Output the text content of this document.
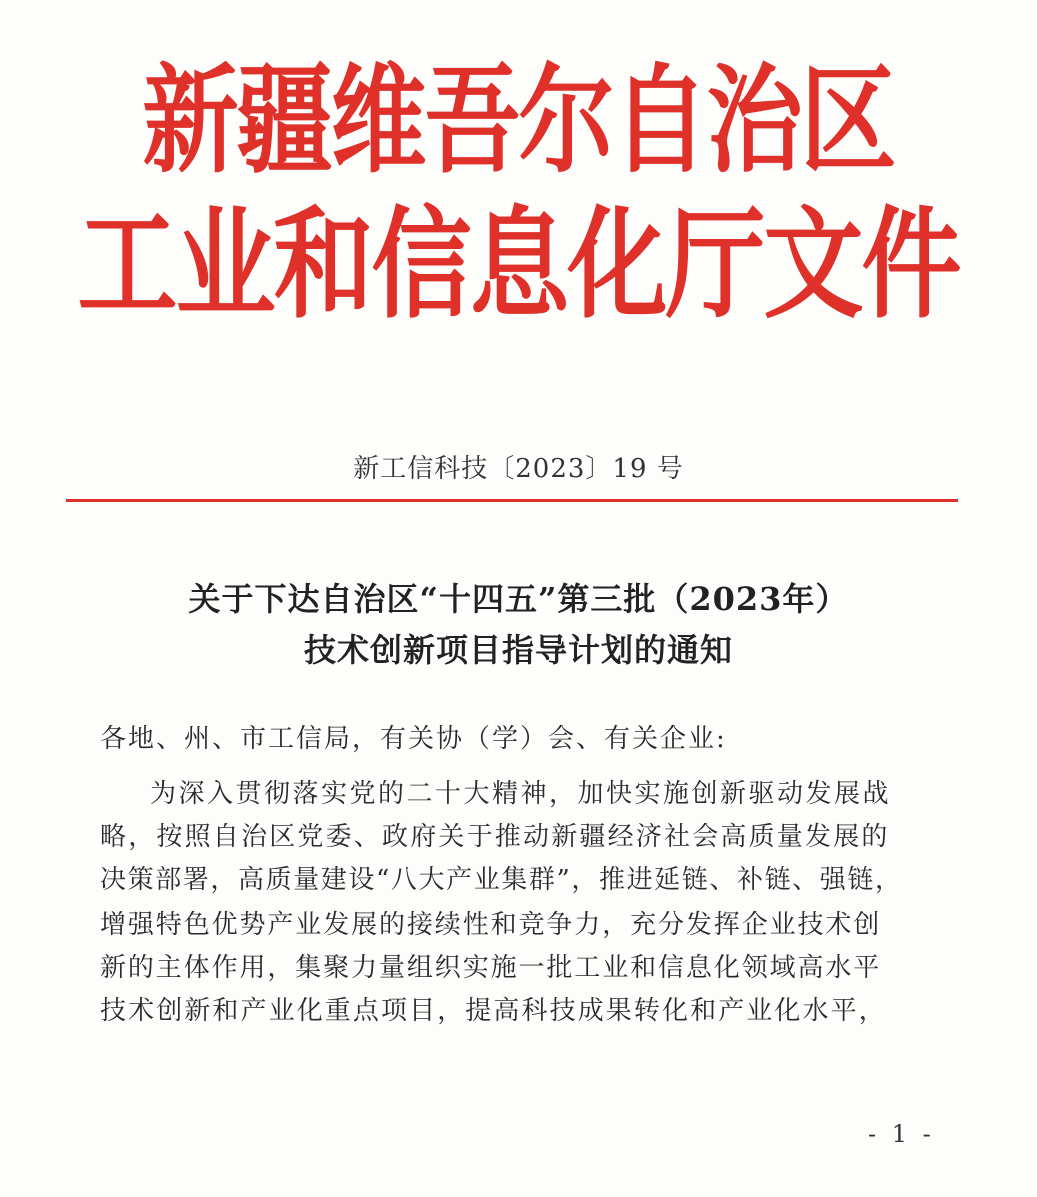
新疆维吾尔自治区
工业和信息化厅文件
新工信科技〔2023〕19 号
关于下达自治区“十四五”第三批（2023年）
技术创新项目指导计划的通知
各地、州、市工信局，有关协（学）会、有关企业:
为深入贯彻落实党的二十大精神，加快实施创新驱动发展战
略，按照自治区党委、政府关于推动新疆经济社会高质量发展的
决策部署，高质量建设“八大产业集群”，推进延链、补链、强链，
增强特色优势产业发展的接续性和竞争力，充分发挥企业技术创
新的主体作用，集聚力量组织实施一批工业和信息化领域高水平
技术创新和产业化重点项目，提高科技成果转化和产业化水平，
- 1 -
